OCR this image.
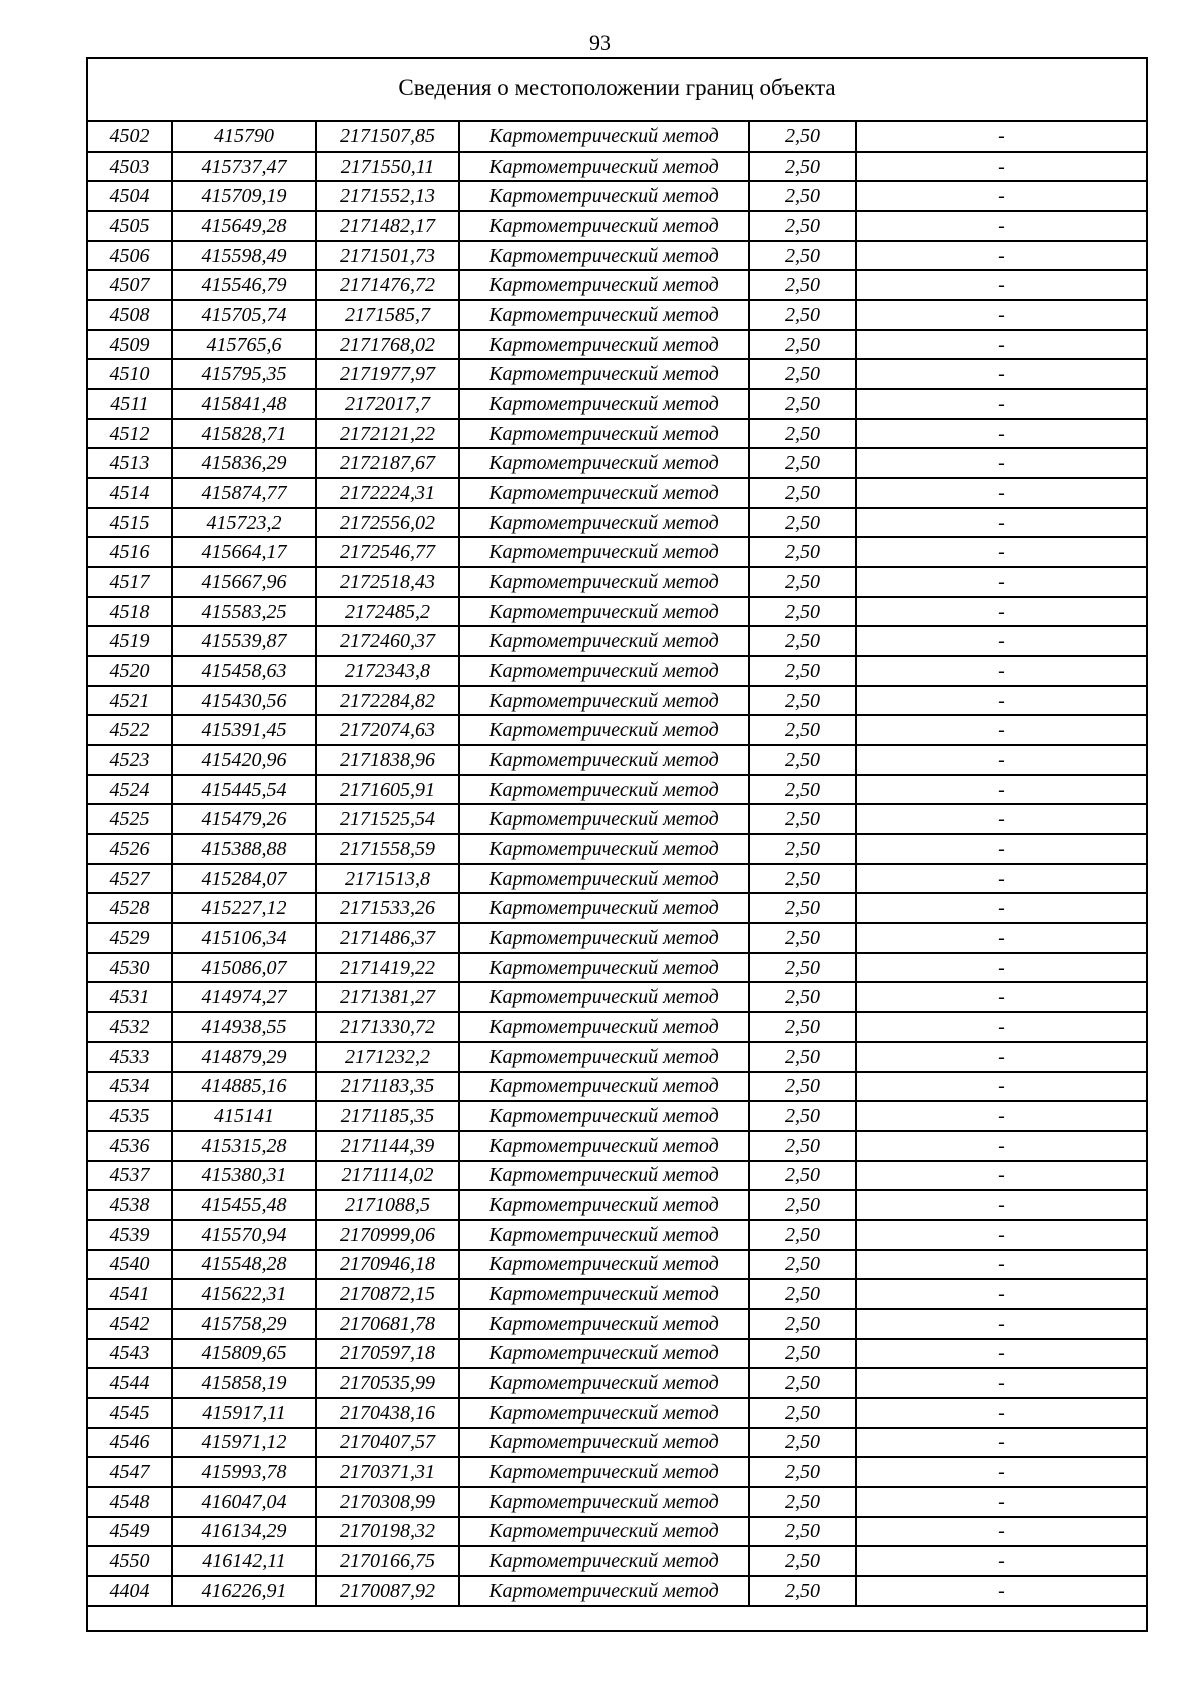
93
Сведения о местоположении границ объекта
4502	415790	2171507,85	Картометрический метод	2,50	-
4503	415737,47	2171550,11	Картометрический метод	2,50	-
4504	415709,19	2171552,13	Картометрический метод	2,50	-
4505	415649,28	2171482,17	Картометрический метод	2,50	-
4506	415598,49	2171501,73	Картометрический метод	2,50	-
4507	415546,79	2171476,72	Картометрический метод	2,50	-
4508	415705,74	2171585,7	Картометрический метод	2,50	-
4509	415765,6	2171768,02	Картометрический метод	2,50	-
4510	415795,35	2171977,97	Картометрический метод	2,50	-
4511	415841,48	2172017,7	Картометрический метод	2,50	-
4512	415828,71	2172121,22	Картометрический метод	2,50	-
4513	415836,29	2172187,67	Картометрический метод	2,50	-
4514	415874,77	2172224,31	Картометрический метод	2,50	-
4515	415723,2	2172556,02	Картометрический метод	2,50	-
4516	415664,17	2172546,77	Картометрический метод	2,50	-
4517	415667,96	2172518,43	Картометрический метод	2,50	-
4518	415583,25	2172485,2	Картометрический метод	2,50	-
4519	415539,87	2172460,37	Картометрический метод	2,50	-
4520	415458,63	2172343,8	Картометрический метод	2,50	-
4521	415430,56	2172284,82	Картометрический метод	2,50	-
4522	415391,45	2172074,63	Картометрический метод	2,50	-
4523	415420,96	2171838,96	Картометрический метод	2,50	-
4524	415445,54	2171605,91	Картометрический метод	2,50	-
4525	415479,26	2171525,54	Картометрический метод	2,50	-
4526	415388,88	2171558,59	Картометрический метод	2,50	-
4527	415284,07	2171513,8	Картометрический метод	2,50	-
4528	415227,12	2171533,26	Картометрический метод	2,50	-
4529	415106,34	2171486,37	Картометрический метод	2,50	-
4530	415086,07	2171419,22	Картометрический метод	2,50	-
4531	414974,27	2171381,27	Картометрический метод	2,50	-
4532	414938,55	2171330,72	Картометрический метод	2,50	-
4533	414879,29	2171232,2	Картометрический метод	2,50	-
4534	414885,16	2171183,35	Картометрический метод	2,50	-
4535	415141	2171185,35	Картометрический метод	2,50	-
4536	415315,28	2171144,39	Картометрический метод	2,50	-
4537	415380,31	2171114,02	Картометрический метод	2,50	-
4538	415455,48	2171088,5	Картометрический метод	2,50	-
4539	415570,94	2170999,06	Картометрический метод	2,50	-
4540	415548,28	2170946,18	Картометрический метод	2,50	-
4541	415622,31	2170872,15	Картометрический метод	2,50	-
4542	415758,29	2170681,78	Картометрический метод	2,50	-
4543	415809,65	2170597,18	Картометрический метод	2,50	-
4544	415858,19	2170535,99	Картометрический метод	2,50	-
4545	415917,11	2170438,16	Картометрический метод	2,50	-
4546	415971,12	2170407,57	Картометрический метод	2,50	-
4547	415993,78	2170371,31	Картометрический метод	2,50	-
4548	416047,04	2170308,99	Картометрический метод	2,50	-
4549	416134,29	2170198,32	Картометрический метод	2,50	-
4550	416142,11	2170166,75	Картометрический метод	2,50	-
4404	416226,91	2170087,92	Картометрический метод	2,50	-
